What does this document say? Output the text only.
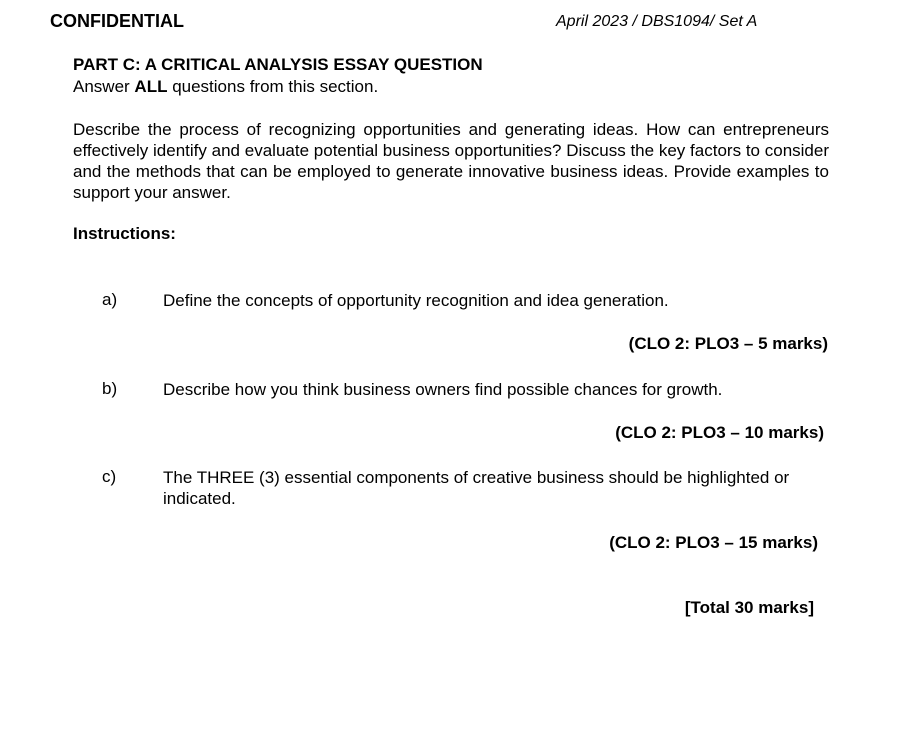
CONFIDENTIAL	April 2023 / DBS1094/ Set A
PART C: A CRITICAL ANALYSIS ESSAY QUESTION
Answer ALL questions from this section.
Describe the process of recognizing opportunities and generating ideas. How can entrepreneurs effectively identify and evaluate potential business opportunities? Discuss the key factors to consider and the methods that can be employed to generate innovative business ideas. Provide examples to support your answer.
Instructions:
a)	Define the concepts of opportunity recognition and idea generation.
(CLO 2: PLO3 – 5 marks)
b)	Describe how you think business owners find possible chances for growth.
(CLO 2: PLO3 – 10 marks)
c)	The THREE (3) essential components of creative business should be highlighted or indicated.
(CLO 2: PLO3 – 15 marks)
[Total 30 marks]
